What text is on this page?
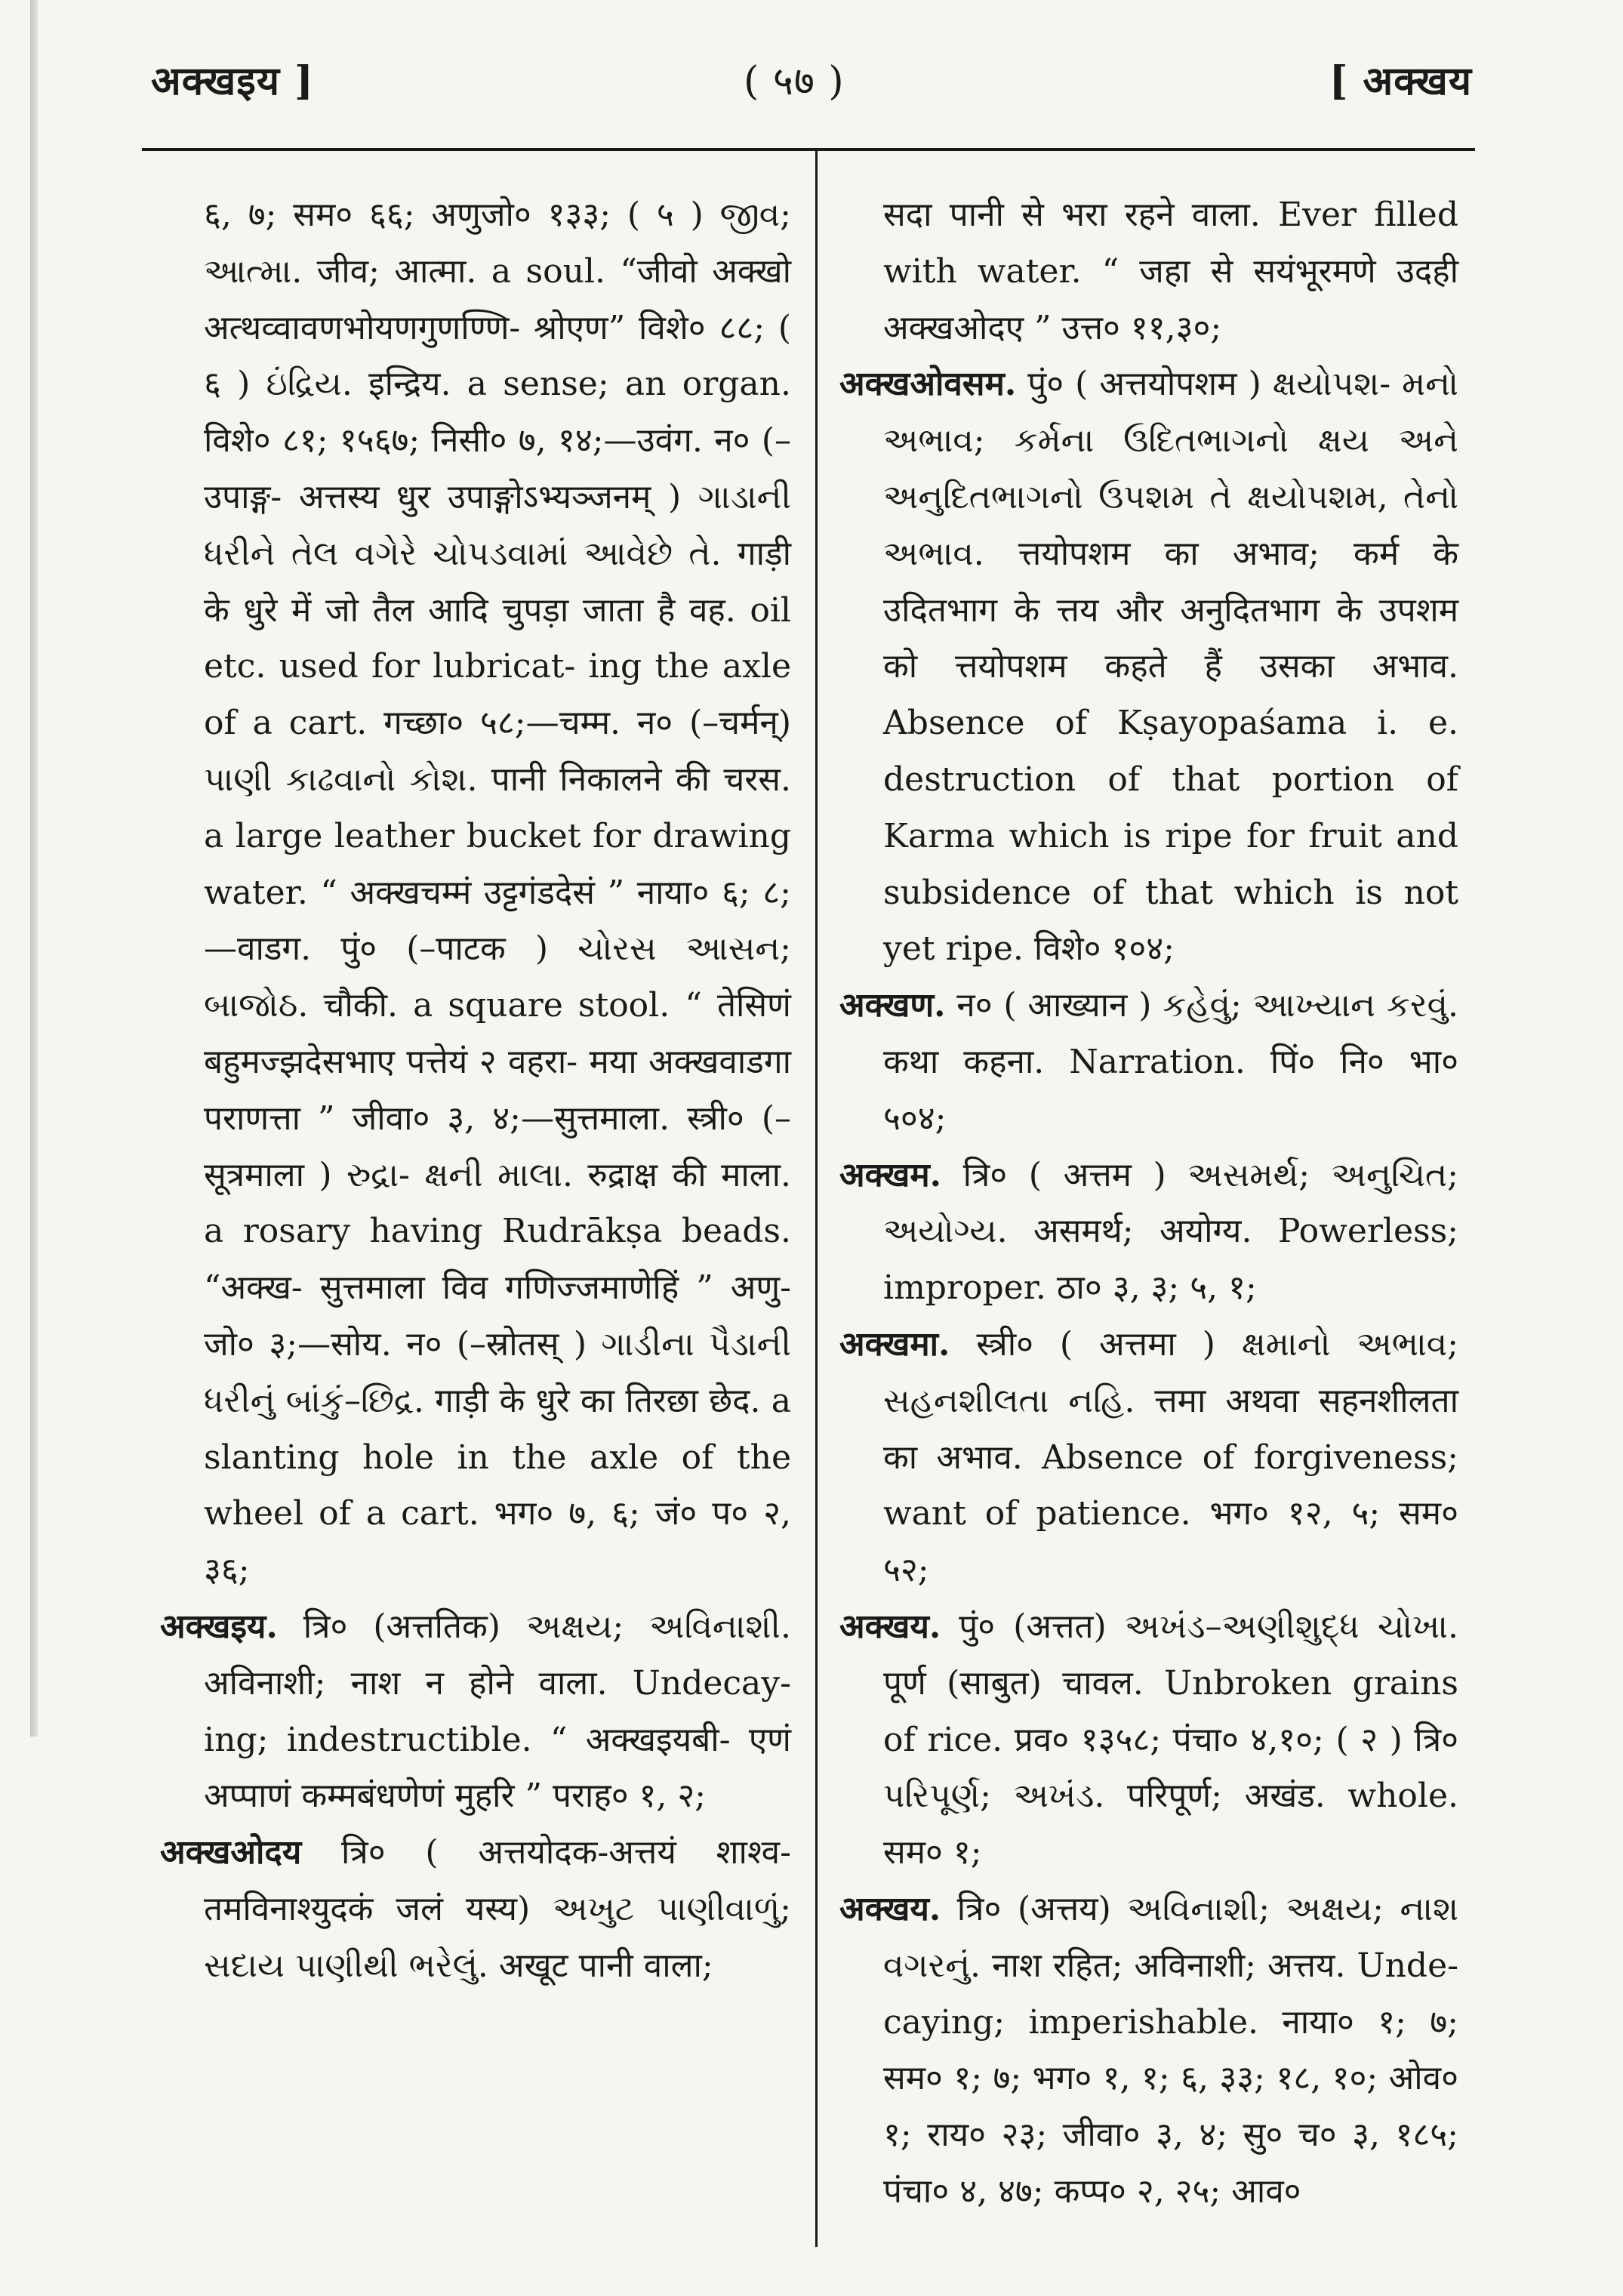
अक्खइय ]	( ५७ )	[ अक्खय

६, ७; सम० ६६; अणुजो० १३३; ( ५ ) જીવ; આત્મા. जीव; आत्मा. a soul. “जीवो अक्खो अत्थव्वावणभोयणगुणण्णि- श्रोएण” विशे० ८८; ( ६ ) ઇંદ્રિય. इन्द्रिय. a sense; an organ. विशे० ८१; १५६७; निसी० ७, १४;—उवंग. न० (–उपाङ्ग- अत्तस्य धुर उपाङ्गोऽभ्यञ्जनम् ) ગાડાની ધરીને તેલ વગેરે ચોપડવામાં આવેછે તે. गाड़ी के धुरे में जो तैल आदि चुपड़ा जाता है वह. oil etc. used for lubricat- ing the axle of a cart. गच्छा० ५८;—चम्म. न० (–चर्मन्) પાણી કાઢવાનો કોશ. पानी निकालने की चरस. a large leather bucket for drawing water. “ अक्खचम्मं उट्टगंडदेसं ” नाया० ६; ८;—वाडग. पुं० (–पाटक ) ચોરસ આસન; બાજોઠ. चौकी. a square stool. “ तेसिणं बहुमज्झदेसभाए पत्तेयं २ वहरा- मया अक्खवाडगा पराणत्ता ” जीवा० ३, ४;—सुत्तमाला. स्त्री० (–सूत्रमाला ) રુદ્રા- ક્ષની માલા. रुद्राक्ष की माला. a rosary having Rudrākṣa beads. “अक्ख- सुत्तमाला विव गणिज्जमाणेहिं ” अणु- जो० ३;—सोय. न० (–स्रोतस् ) ગાડીના પૈડાની ધરીનું બાંકું–છિદ્ર. गाड़ी के धुरे का तिरछा छेद. a slanting hole in the axle of the wheel of a cart. भग० ७, ६; जं० प० २, ३६;

अक्खइय. त्रि० (अत्ततिक) અક્ષય; અવિનાશી. अविनाशी; नाश न होने वाला. Undecay- ing; indestructible. “ अक्खइयबी- एणं अप्पाणं कम्मबंधणेणं मुहरि ” पराह० १, २;

अक्खओदय त्रि० ( अत्तयोदक-अत्तयं शाश्व- तमविनाश्युदकं जलं यस्य) અખુટ પાણીવાળું; સદાય પાણીથી ભરેલું. अखूट पानी वाला;

सदा पानी से भरा रहने वाला. Ever filled with water. “ जहा से सयंभूरमणे उदही अक्खओदए ” उत्त० ११,३०;

अक्खओवसम. पुं० ( अत्तयोपशम ) ક્ષયોપશ- મનો અભાવ; કર્મના ઉદિતભાગનો ક્ષય અને અનુદિતભાગનો ઉપશમ તે ક્ષયોપશમ, તેનો અભાવ. त्तयोपशम का अभाव; कर्म के उदितभाग के त्तय और अनुदितभाग के उपशम को त्तयोपशम कहते हैं उसका अभाव. Absence of Kṣayopaśama i. e. destruction of that portion of Karma which is ripe for fruit and subsidence of that which is not yet ripe. विशे० १०४;

अक्खण. न० ( आख्यान ) કહેવું; આખ્યાન કરવું. कथा कहना. Narration. पिं० नि० भा० ५०४;

अक्खम. त्रि० ( अत्तम ) અસમર્થ; અનુચિત; અયોગ્ય. असमर्थ; अयोग्य. Powerless; improper. ठा० ३, ३; ५, १;

अक्खमा. स्त्री० ( अत्तमा ) ક્ષમાનો અભાવ; સહનશીલતા નહિ. त्तमा अथवा सहनशीलता का अभाव. Absence of forgiveness; want of patience. भग० १२, ५; सम० ५२;

अक्खय. पुं० (अत्तत) અખંડ–અણીશુદ્ધ ચોખા. पूर्ण (साबुत) चावल. Unbroken grains of rice. प्रव० १३५८; पंचा० ४,१०; ( २ ) त्रि० પરિપૂર્ણ; અખંડ. परिपूर्ण; अखंड. whole. सम० १;

अक्खय. त्रि० (अत्तय) અવિનાશી; અક્ષય; નાશ વગરનું. नाश रहित; अविनाशी; अत्तय. Unde- caying; imperishable. नाया० १; ७; सम० १; ७; भग० १, १; ६, ३३; १८, १०; ओव० १; राय० २३; जीवा० ३, ४; सु० च० ३, १८५; पंचा० ४, ४७; कप्प० २, २५; आव०
